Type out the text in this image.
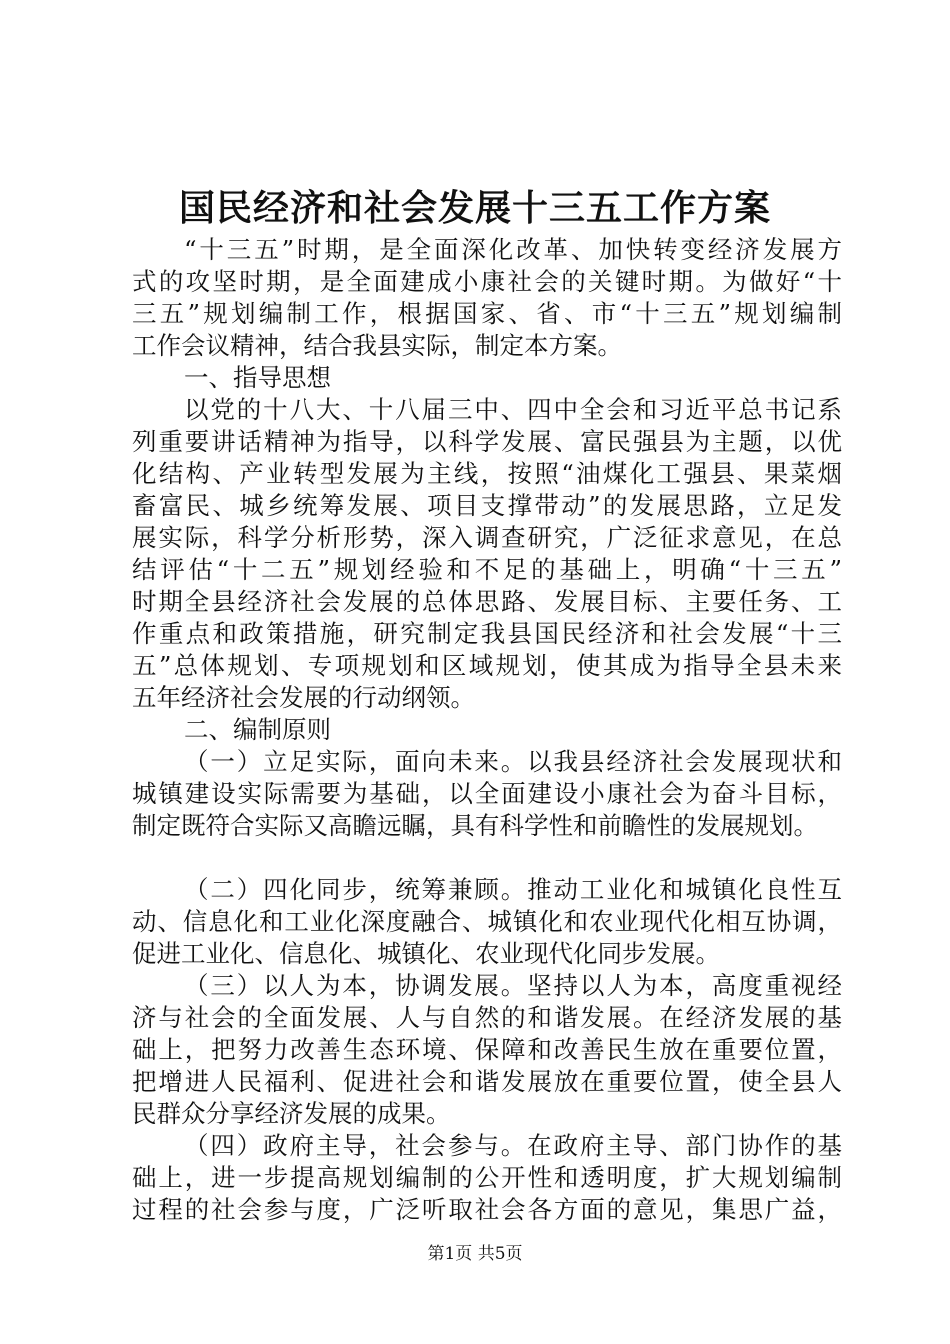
国民经济和社会发展十三五工作方案
“十三五”时期，是全面深化改革、加快转变经济发展方
式的攻坚时期，是全面建成小康社会的关键时期。为做好“十
三五”规划编制工作，根据国家、省、市“十三五”规划编制
工作会议精神，结合我县实际，制定本方案。
一、指导思想
以党的十八大、十八届三中、四中全会和习近平总书记系
列重要讲话精神为指导，以科学发展、富民强县为主题，以优
化结构、产业转型发展为主线，按照“油煤化工强县、果菜烟
畜富民、城乡统筹发展、项目支撑带动”的发展思路，立足发
展实际，科学分析形势，深入调查研究，广泛征求意见，在总
结评估“十二五”规划经验和不足的基础上，明确“十三五”
时期全县经济社会发展的总体思路、发展目标、主要任务、工
作重点和政策措施，研究制定我县国民经济和社会发展“十三
五”总体规划、专项规划和区域规划，使其成为指导全县未来
五年经济社会发展的行动纲领。
二、编制原则
（一）立足实际，面向未来。以我县经济社会发展现状和
城镇建设实际需要为基础，以全面建设小康社会为奋斗目标，
制定既符合实际又高瞻远瞩，具有科学性和前瞻性的发展规划。
（二）四化同步，统筹兼顾。推动工业化和城镇化良性互
动、信息化和工业化深度融合、城镇化和农业现代化相互协调，
促进工业化、信息化、城镇化、农业现代化同步发展。
（三）以人为本，协调发展。坚持以人为本，高度重视经
济与社会的全面发展、人与自然的和谐发展。在经济发展的基
础上，把努力改善生态环境、保障和改善民生放在重要位置，
把增进人民福利、促进社会和谐发展放在重要位置，使全县人
民群众分享经济发展的成果。
（四）政府主导，社会参与。在政府主导、部门协作的基
础上，进一步提高规划编制的公开性和透明度，扩大规划编制
过程的社会参与度，广泛听取社会各方面的意见，集思广益，
第1页 共5页
